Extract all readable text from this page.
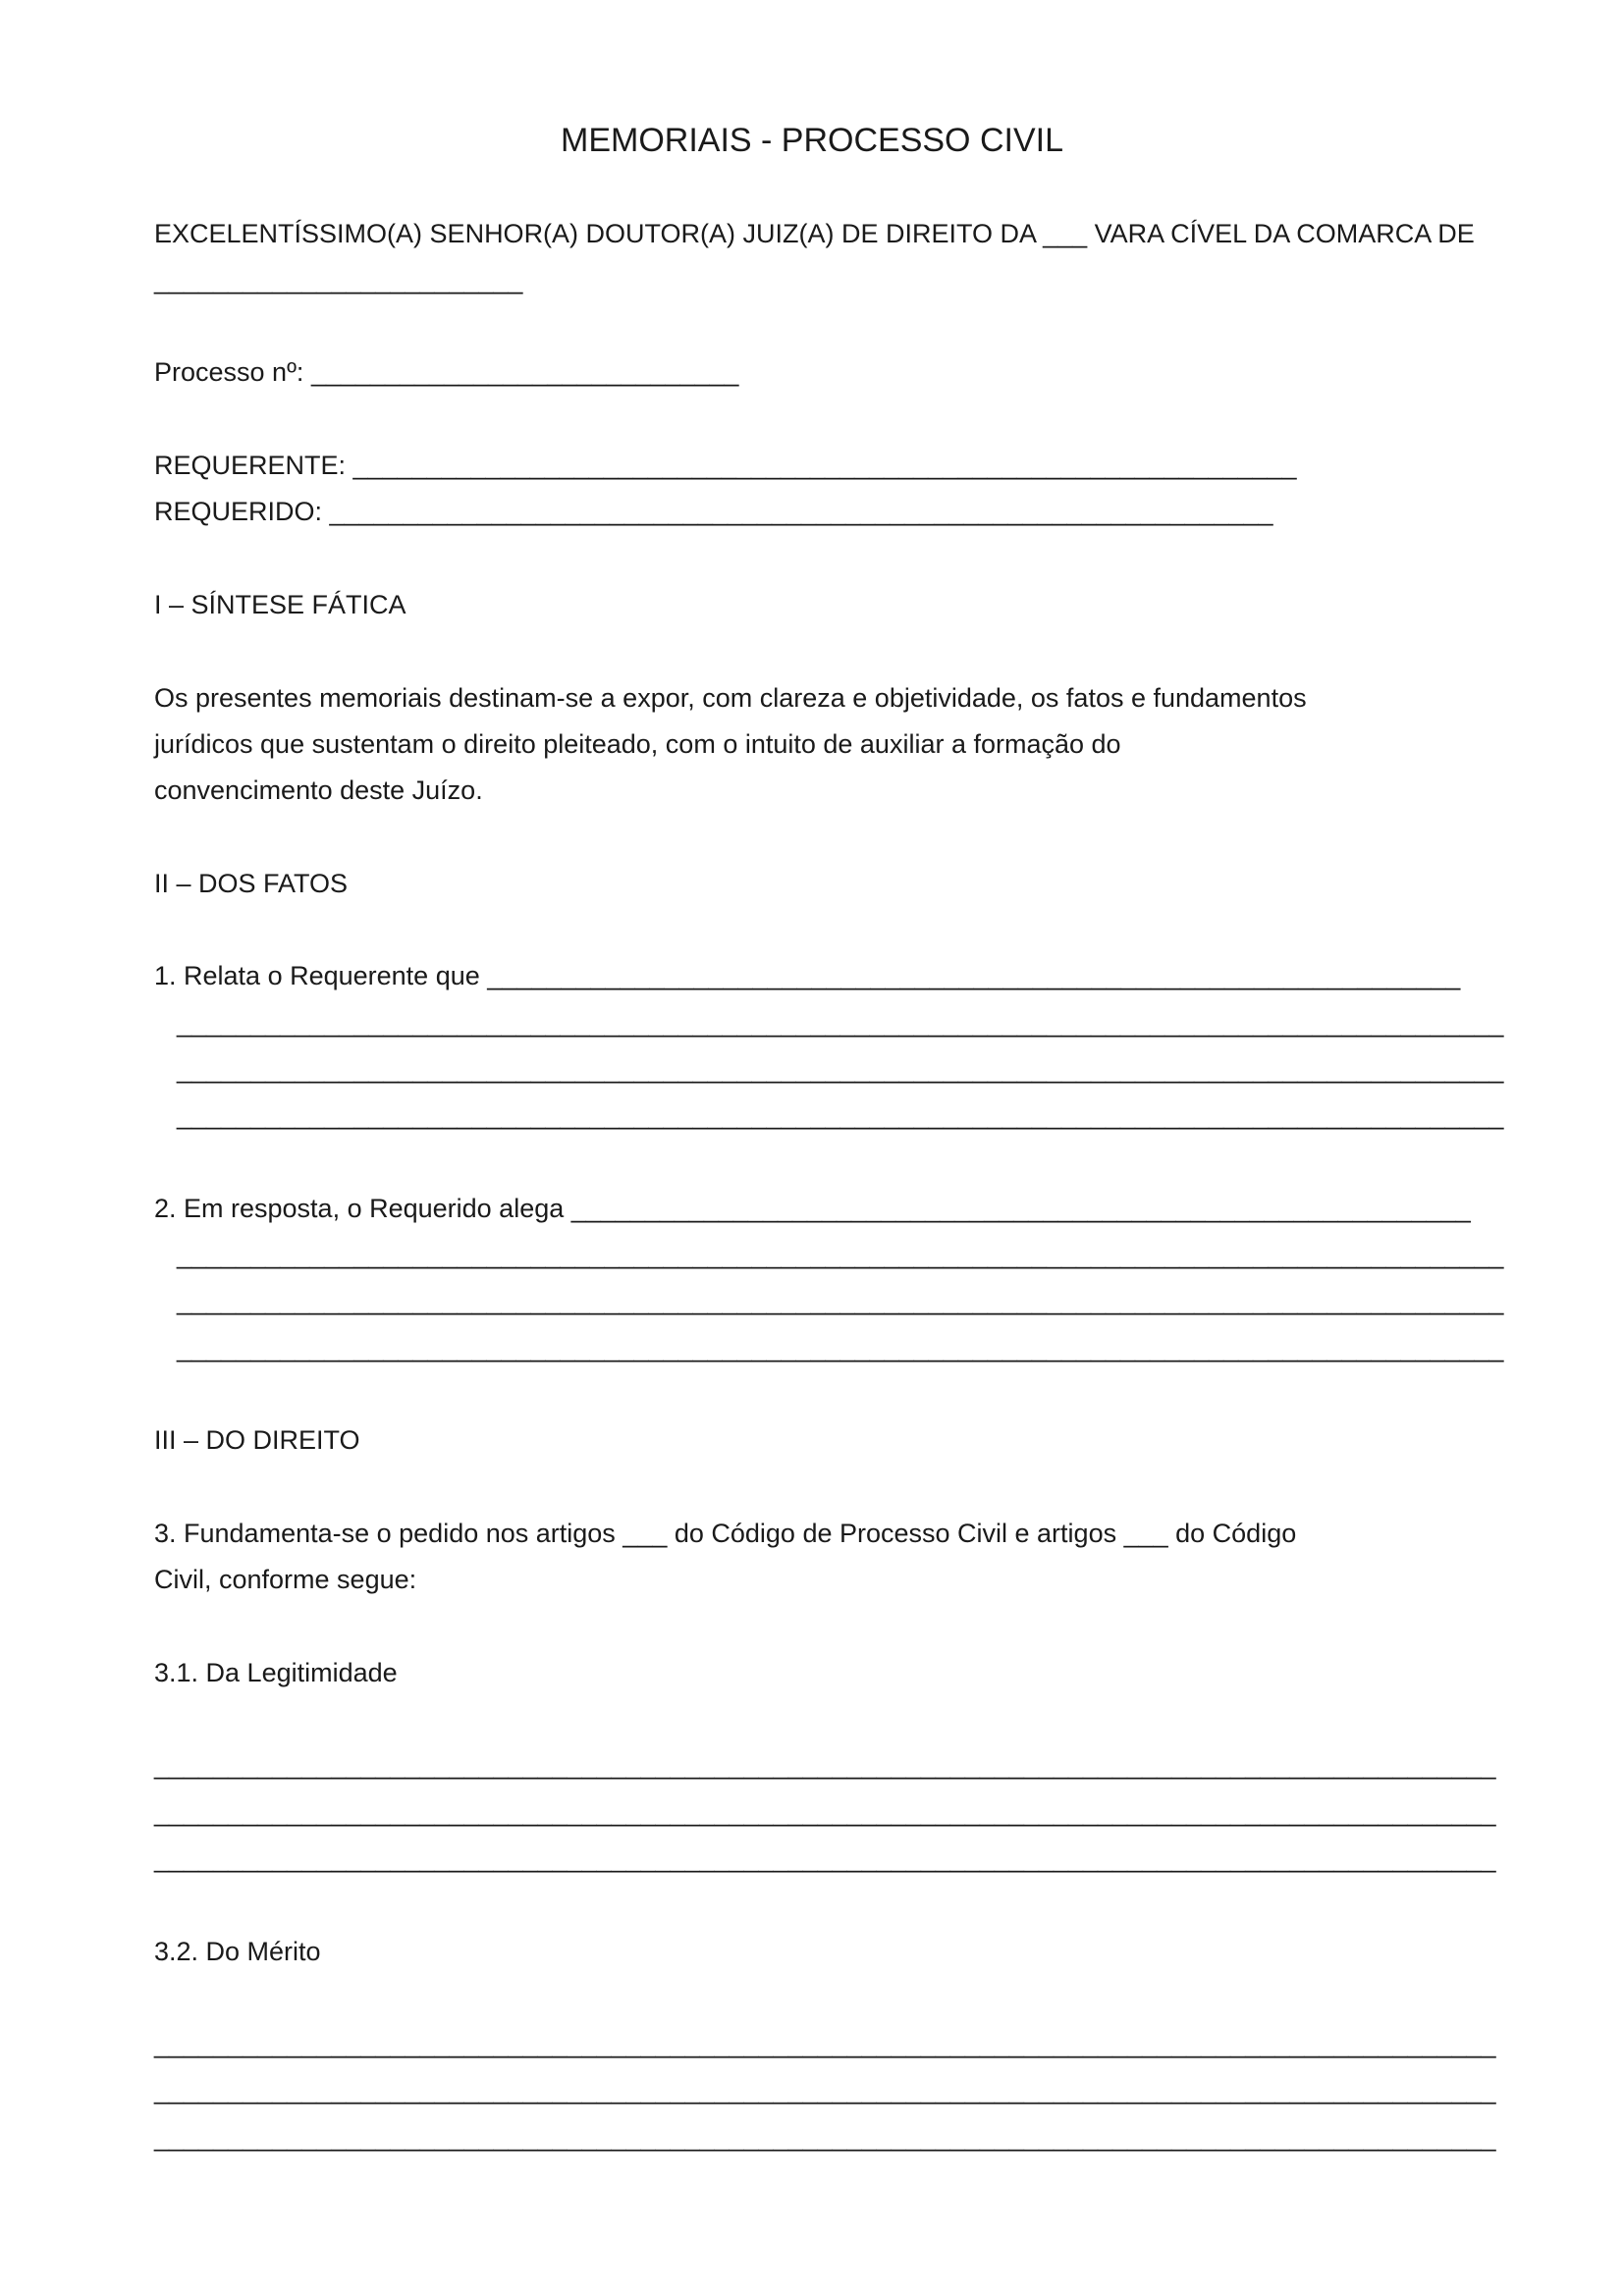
MEMORIAIS - PROCESSO CIVIL
EXCELENTÍSSIMO(A) SENHOR(A) DOUTOR(A) JUIZ(A) DE DIREITO DA ___ VARA CÍVEL DA COMARCA DE
_________________________
Processo nº: _____________________________
REQUERENTE: ________________________________________________________________
REQUERIDO: ________________________________________________________________
I – SÍNTESE FÁTICA
Os presentes memoriais destinam-se a expor, com clareza e objetividade, os fatos e fundamentos
jurídicos que sustentam o direito pleiteado, com o intuito de auxiliar a formação do
convencimento deste Juízo.
II – DOS FATOS
1. Relata o Requerente que __________________________________________________________________
__________________________________________________________________________________________
__________________________________________________________________________________________
__________________________________________________________________________________________
2. Em resposta, o Requerido alega _____________________________________________________________
__________________________________________________________________________________________
__________________________________________________________________________________________
__________________________________________________________________________________________
III – DO DIREITO
3. Fundamenta-se o pedido nos artigos ___ do Código de Processo Civil e artigos ___ do Código
Civil, conforme segue:
3.1. Da Legitimidade
___________________________________________________________________________________________
___________________________________________________________________________________________
___________________________________________________________________________________________
3.2. Do Mérito
___________________________________________________________________________________________
___________________________________________________________________________________________
___________________________________________________________________________________________
